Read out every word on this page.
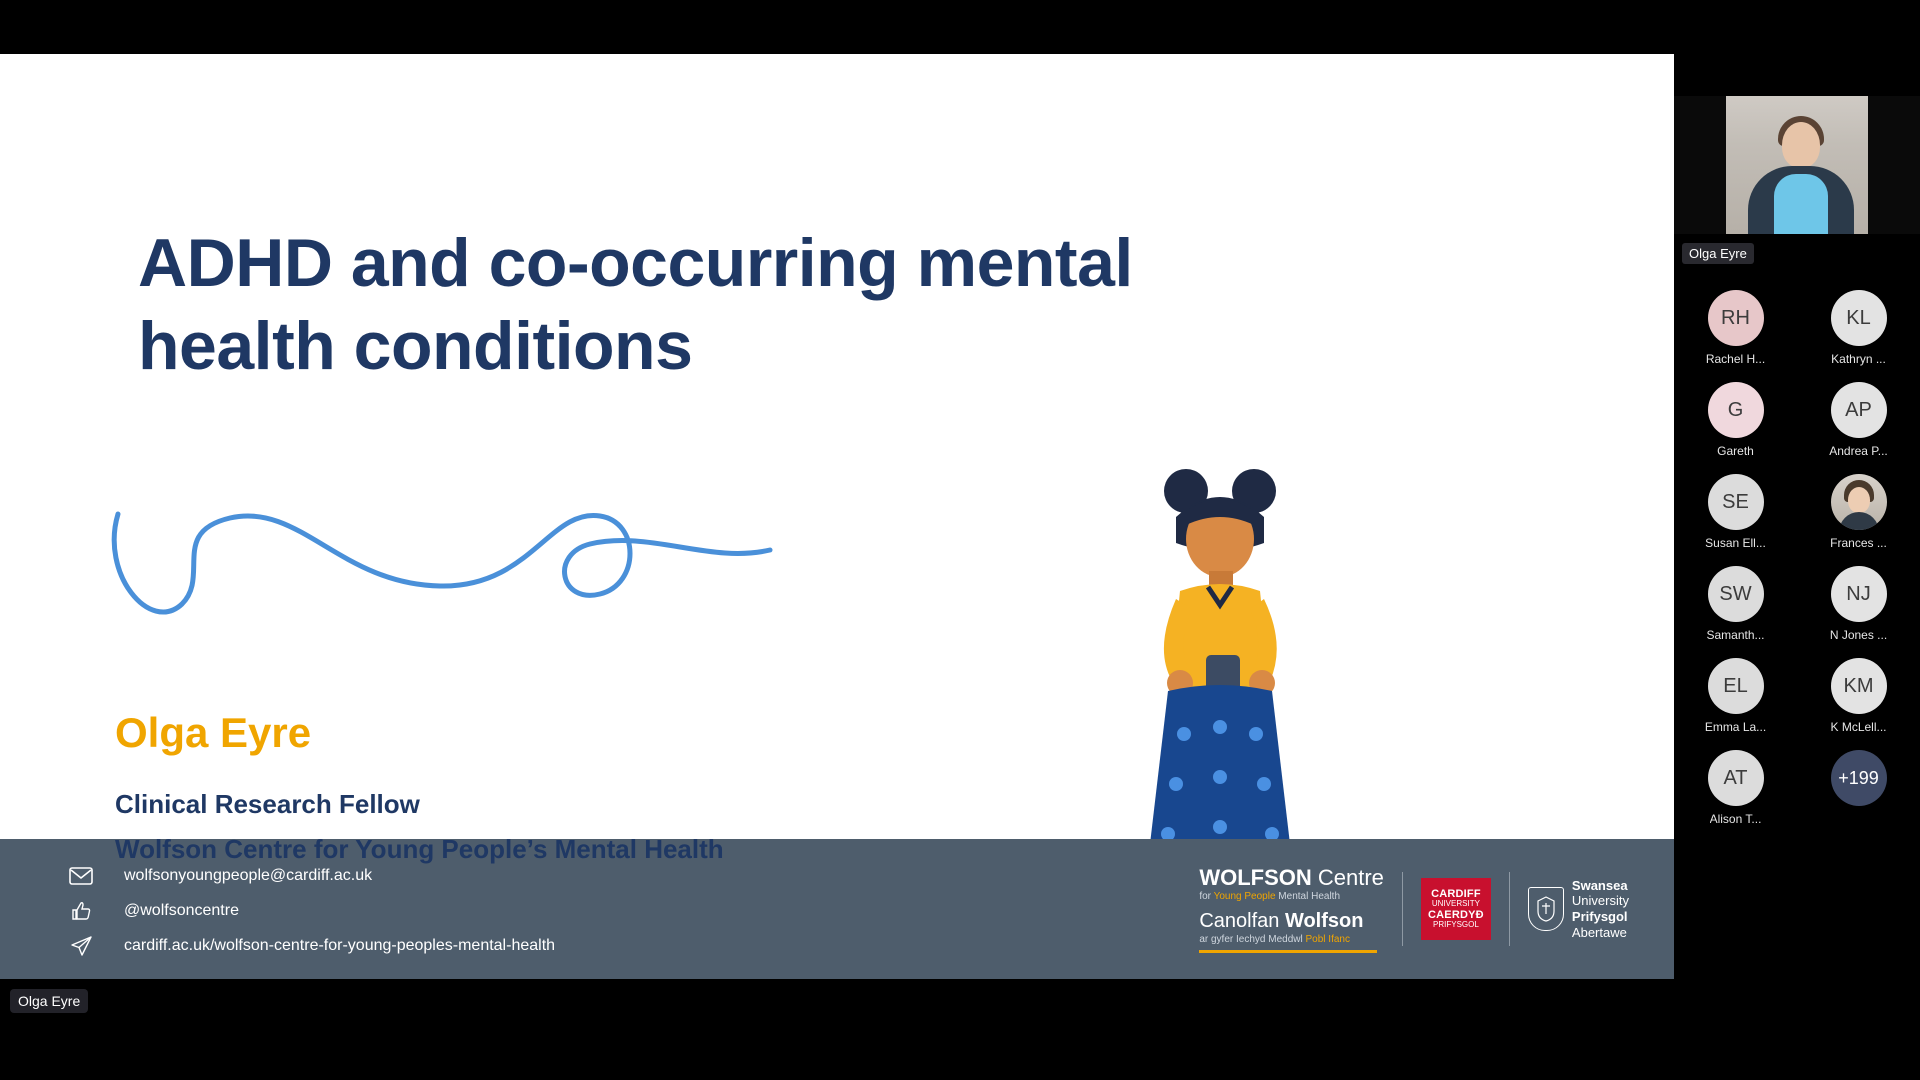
ADHD and co-occurring mental health conditions
wolfsonyoungpeople@cardiff.ac.uk
@wolfsoncentre
cardiff.ac.uk/wolfson-centre-for-young-peoples-mental-health
WOLFSON Centre
for Young People Mental Health
Canolfan Wolfson
ar gyfer Iechyd Meddwl Pobl Ifanc
CARDIFF
UNIVERSITY
CAERDYĐ
PRIFYSGOL
Swansea
University
Prifysgol
Abertawe
Olga Eyre
Clinical Research Fellow
Wolfson Centre for Young People’s Mental Health
Olga Eyre
Olga Eyre
RH
Rachel H...
KL
Kathryn ...
G
Gareth
AP
Andrea P...
SE
Susan Ell...	Frances ...
SW
Samanth...
NJ
N Jones ...
EL
Emma La...
KM
K McLell...
AT
Alison T...
+199
